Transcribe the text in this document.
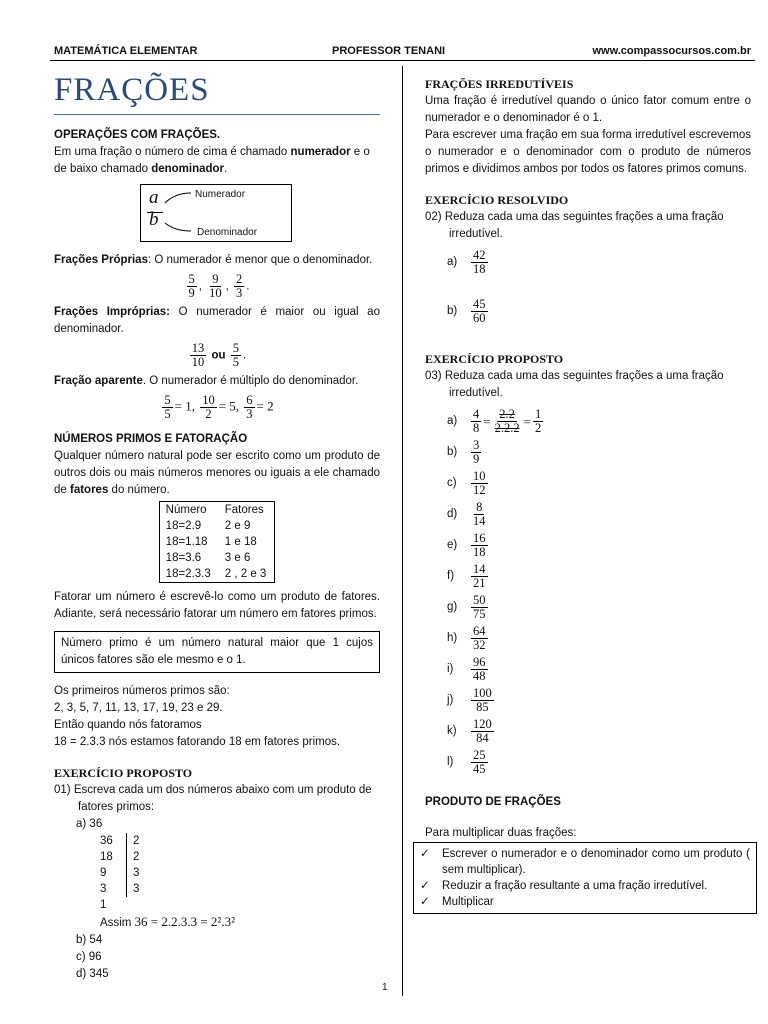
MATEMÁTICA ELEMENTAR	PROFESSOR TENANI	www.compassocursos.com.br
FRAÇÕES
OPERAÇÕES COM FRAÇÕES.
Em uma fração o número de cima é chamado numerador e o de baixo chamado denominador.
a
b
Numerador
Denominador
Frações Próprias: O numerador é menor que o denominador.
$\frac{5}{9}$ , $\frac{9}{10}$ , $\frac{2}{3}$ .
Frações Impróprias: O numerador é maior ou igual ao denominador.
$\frac{13}{10}$ ou $\frac{5}{5}$ .
Fração aparente. O numerador é múltiplo do denominador.
$\frac{5}{5} = 1$, $\frac{10}{2} = 5$, $\frac{6}{3} = 2$
NÚMEROS PRIMOS E FATORAÇÃO
Qualquer número natural pode ser escrito como um produto de outros dois ou mais números menores ou iguais a ele chamado de fatores do número.
Número	Fatores
18=2.9	2 e 9
18=1.18	1 e 18
18=3.6	3 e 6
18=2.3.3	2 , 2 e 3
Fatorar um número é escrevê-lo como um produto de fatores. Adiante, será necessário fatorar um número em fatores primos.
Número primo é um número natural maior que 1 cujos únicos fatores são ele mesmo e o 1.
Os primeiros números primos são:
2, 3, 5, 7, 11, 13, 17, 19, 23 e 29.
Então quando nós fatoramos
18 = 2.3.3 nós estamos fatorando 18 em fatores primos.
EXERCÍCIO PROPOSTO
01) Escreva cada um dos números abaixo com um produto de fatores primos:
a) 36
36	2
18	2
9	3
3	3
1
Assim 36 = 2.2.3.3 = 2².3²
b) 54
c) 96
d) 345
FRAÇÕES IRREDUTÍVEIS
Uma fração é irredutível quando o único fator comum entre o numerador e o denominador é o 1.
Para escrever uma fração em sua forma irredutível escrevemos o numerador e o denominador com o produto de números primos e dividimos ambos por todos os fatores primos comuns.
EXERCÍCIO RESOLVIDO
02) Reduza cada uma das seguintes frações a uma fração irredutível.
a)	$\frac{42}{18}$
b)	$\frac{45}{60}$
EXERCÍCIO PROPOSTO
03) Reduza cada uma das seguintes frações a uma fração irredutível.
a)	$\frac{4}{8} = \frac{2.2}{2.2.2} = \frac{1}{2}$
b)	$\frac{3}{9}$
c)	$\frac{10}{12}$
d)	$\frac{8}{14}$
e)	$\frac{16}{18}$
f)	$\frac{14}{21}$
g)	$\frac{50}{75}$
h)	$\frac{64}{32}$
i)	$\frac{96}{48}$
j)	$\frac{100}{85}$
k)	$\frac{120}{84}$
l)	$\frac{25}{45}$
PRODUTO DE FRAÇÕES
Para multiplicar duas frações:
✓	Escrever o numerador e o denominador como um produto ( sem multiplicar).
✓	Reduzir a fração resultante a uma fração irredutível.
✓	Multiplicar
1
